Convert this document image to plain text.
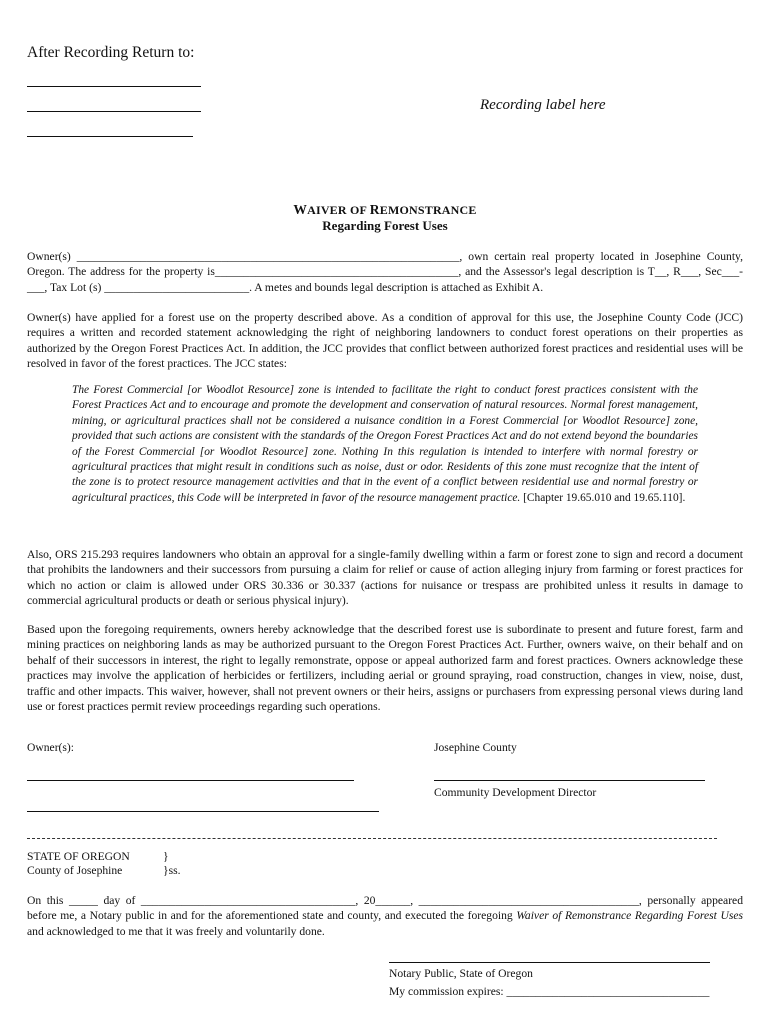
After Recording Return to:
Recording label here
WAIVER OF REMONSTRANCE
Regarding Forest Uses

Owner(s) __________________________________________________________________, own certain real property located in Josephine County, Oregon. The address for the property is__________________________________________, and the Assessor's legal description is T__, R___, Sec___-___, Tax Lot (s) _________________________. A metes and bounds legal description is attached as Exhibit A.

Owner(s) have applied for a forest use on the property described above. As a condition of approval for this use, the Josephine County Code (JCC) requires a written and recorded statement acknowledging the right of neighboring landowners to conduct forest operations on their properties as authorized by the Oregon Forest Practices Act. In addition, the JCC provides that conflict between authorized forest practices and residential uses will be resolved in favor of the forest practices. The JCC states:

The Forest Commercial [or Woodlot Resource] zone is intended to facilitate the right to conduct forest practices consistent with the Forest Practices Act and to encourage and promote the development and conservation of natural resources. Normal forest management, mining, or agricultural practices shall not be considered a nuisance condition in a Forest Commercial [or Woodlot Resource] zone, provided that such actions are consistent with the standards of the Oregon Forest Practices Act and do not extend beyond the boundaries of the Forest Commercial [or Woodlot Resource] zone. Nothing In this regulation is intended to interfere with normal forestry or agricultural practices that might result in conditions such as noise, dust or odor. Residents of this zone must recognize that the intent of the zone is to protect resource management activities and that in the event of a conflict between residential use and normal forestry or agricultural practices, this Code will be interpreted in favor of the resource management practice. [Chapter 19.65.010 and 19.65.110].

Also, ORS 215.293 requires landowners who obtain an approval for a single-family dwelling within a farm or forest zone to sign and record a document that prohibits the landowners and their successors from pursuing a claim for relief or cause of action alleging injury from farming or forest practices for which no action or claim is allowed under ORS 30.336 or 30.337 (actions for nuisance or trespass are prohibited unless it results in damage to commercial agricultural products or death or serious physical injury).

Based upon the foregoing requirements, owners hereby acknowledge that the described forest use is subordinate to present and future forest, farm and mining practices on neighboring lands as may be authorized pursuant to the Oregon Forest Practices Act. Further, owners waive, on their behalf and on behalf of their successors in interest, the right to legally remonstrate, oppose or appeal authorized farm and forest practices. Owners acknowledge these practices may involve the application of herbicides or fertilizers, including aerial or ground spraying, road construction, changes in view, noise, dust, traffic and other impacts. This waiver, however, shall not prevent owners or their heirs, assigns or purchasers from expressing personal views during land use or forest practices permit review proceedings regarding such operations.

Owner(s):	Josephine County
Community Development Director
STATE OF OREGON	}
County of Josephine	}ss.

On this _____ day of _____________________________________, 20______, ______________________________________, personally appeared before me, a Notary public in and for the aforementioned state and county, and executed the foregoing Waiver of Remonstrance Regarding Forest Uses and acknowledged to me that it was freely and voluntarily done.

Notary Public, State of Oregon
My commission expires: ___________________________________
